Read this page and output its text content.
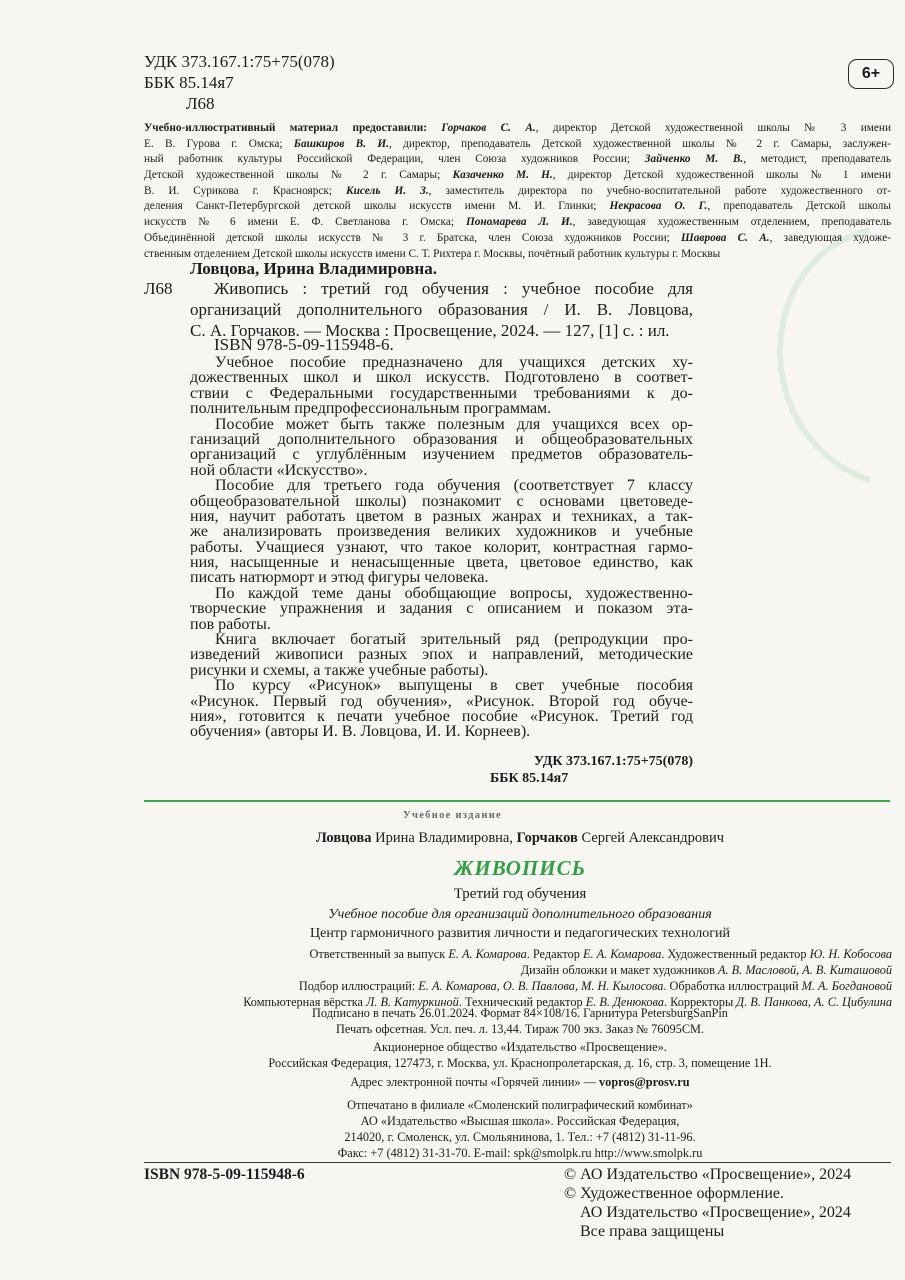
УДК 373.167.1:75+75(078)
ББК 85.14я7
Л68
6+
Учебно-иллюстративный материал предоставили: Горчаков С. А., директор Детской художественной школы № 3 имени
Е. В. Гурова г. Омска; Башкиров В. И., директор, преподаватель Детской художественной школы № 2 г. Самары, заслужен-
ный работник культуры Российской Федерации, член Союза художников России; Зайченко М. В., методист, преподаватель
Детской художественной школы № 2 г. Самары; Казаченко М. Н., директор Детской художественной школы № 1 имени
В. И. Сурикова г. Красноярск; Кисель И. З., заместитель директора по учебно-воспитательной работе художественного от-
деления Санкт-Петербургской детской школы искусств имени М. И. Глинки; Некрасова О. Г., преподаватель Детской школы
искусств № 6 имени Е. Ф. Светланова г. Омска; Пономарева Л. И., заведующая художественным отделением, преподаватель
Объединённой детской школы искусств № 3 г. Братска, член Союза художников России; Шаврова С. А., заведующая художе-
ственным отделением Детской школы искусств имени С. Т. Рихтера г. Москвы, почётный работник культуры г. Москвы
Ловцова, Ирина Владимировна.
Л68	Живопись : третий год обучения : учебное пособие для
организаций дополнительного образования / И. В. Ловцова,
С. А. Горчаков. — Москва : Просвещение, 2024. — 127, [1] с. : ил.
ISBN 978-5-09-115948-6.
Учебное пособие предназначено для учащихся детских ху-
дожественных школ и школ искусств. Подготовлено в соответ-
ствии с Федеральными государственными требованиями к до-
полнительным предпрофессиональным программам.
Пособие может быть также полезным для учащихся всех ор-
ганизаций дополнительного образования и общеобразовательных
организаций с углублённым изучением предметов образователь-
ной области «Искусство».
Пособие для третьего года обучения (соответствует 7 классу
общеобразовательной школы) познакомит с основами цветоведе-
ния, научит работать цветом в разных жанрах и техниках, а так-
же анализировать произведения великих художников и учебные
работы. Учащиеся узнают, что такое колорит, контрастная гармо-
ния, насыщенные и ненасыщенные цвета, цветовое единство, как
писать натюрморт и этюд фигуры человека.
По каждой теме даны обобщающие вопросы, художественно-
творческие упражнения и задания с описанием и показом эта-
пов работы.
Книга включает богатый зрительный ряд (репродукции про-
изведений живописи разных эпох и направлений, методические
рисунки и схемы, а также учебные работы).
По курсу «Рисунок» выпущены в свет учебные пособия
«Рисунок. Первый год обучения», «Рисунок. Второй год обуче-
ния», готовится к печати учебное пособие «Рисунок. Третий год
обучения» (авторы И. В. Ловцова, И. И. Корнеев).
УДК 373.167.1:75+75(078)
ББК 85.14я7
Учебное издание
Ловцова Ирина Владимировна, Горчаков Сергей Александрович
ЖИВОПИСЬ
Третий год обучения
Учебное пособие для организаций дополнительного образования
Центр гармоничного развития личности и педагогических технологий
Ответственный за выпуск Е. А. Комарова. Редактор Е. А. Комарова. Художественный редактор Ю. Н. Кобосова
Дизайн обложки и макет художников А. В. Масловой, А. В. Киташовой
Подбор иллюстраций: Е. А. Комарова, О. В. Павлова, М. Н. Кылосова. Обработка иллюстраций М. А. Богдановой
Компьютерная вёрстка Л. В. Катуркиной. Технический редактор Е. В. Денюкова. Корректоры Д. В. Панкова, А. С. Цибулина
Подписано в печать 26.01.2024. Формат 84×108/16. Гарнитура PetersburgSanPin
Печать офсетная. Усл. печ. л. 13,44. Тираж 700 экз. Заказ № 76095СМ.
Акционерное общество «Издательство «Просвещение».
Российская Федерация, 127473, г. Москва, ул. Краснопролетарская, д. 16, стр. 3, помещение 1Н.
Адрес электронной почты «Горячей линии» — vopros@prosv.ru
Отпечатано в филиале «Смоленский полиграфический комбинат»
АО «Издательство «Высшая школа». Российская Федерация,
214020, г. Смоленск, ул. Смольянинова, 1. Тел.: +7 (4812) 31-11-96.
Факс: +7 (4812) 31-31-70. E-mail: spk@smolpk.ru http://www.smolpk.ru
ISBN 978-5-09-115948-6	© АО Издательство «Просвещение», 2024
© Художественное оформление.
АО Издательство «Просвещение», 2024
Все права защищены
